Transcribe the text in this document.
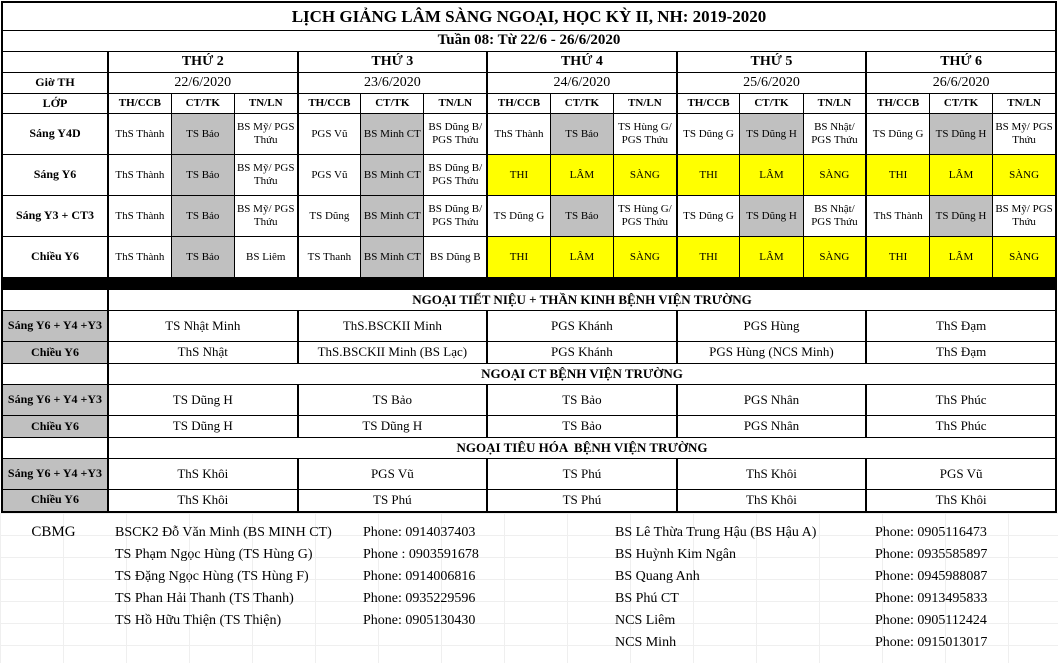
LỊCH GIẢNG LÂM SÀNG NGOẠI, HỌC KỲ II, NH: 2019-2020															
Tuần 08: Từ 22/6 - 26/6/2020															
	THỨ 2			THỨ 3			THỨ 4			THỨ 5			THỨ 6		
Giờ TH	22/6/2020			23/6/2020			24/6/2020			25/6/2020			26/6/2020		
LỚP	TH/CCB	CT/TK	TN/LN	TH/CCB	CT/TK	TN/LN	TH/CCB	CT/TK	TN/LN	TH/CCB	CT/TK	TN/LN	TH/CCB	CT/TK	TN/LN
Sáng Y4D	ThS Thành	TS Bảo	BS Mỹ/ PGS Thứu	PGS Vũ	BS Minh CT	BS Dũng B/ PGS Thứu	ThS Thành	TS Bảo	TS Hùng G/ PGS Thứu	TS Dũng G	TS Dũng H	BS Nhật/ PGS Thứu	TS Dũng G	TS Dũng H	BS Mỹ/ PGS Thứu
Sáng Y6	ThS Thành	TS Bảo	BS Mỹ/ PGS Thứu	PGS Vũ	BS Minh CT	BS Dũng B/ PGS Thứu	THI	LÂM	SÀNG	THI	LÂM	SÀNG	THI	LÂM	SÀNG
Sáng Y3 + CT3	ThS Thành	TS Bảo	BS Mỹ/ PGS Thứu	TS Dũng	BS Minh CT	BS Dũng B/ PGS Thứu	TS Dũng G	TS Bảo	TS Hùng G/ PGS Thứu	TS Dũng G	TS Dũng H	BS Nhật/ PGS Thứu	ThS Thành	TS Dũng H	BS Mỹ/ PGS Thứu
Chiều Y6	ThS Thành	TS Bảo	BS Liêm	TS Thanh	BS Minh CT	BS Dũng B	THI	LÂM	SÀNG	THI	LÂM	SÀNG	THI	LÂM	SÀNG

	NGOẠI TIẾT NIỆU + THẦN KINH BỆNH VIỆN TRƯỜNG														
Sáng Y6 + Y4 +Y3	TS Nhật Minh			ThS.BSCKII Minh			PGS Khánh			PGS Hùng			ThS Đạm		
Chiều Y6	ThS Nhật			ThS.BSCKII Minh (BS Lạc)			PGS Khánh			PGS Hùng (NCS Minh)			ThS Đạm		
	NGOẠI CT BỆNH VIỆN TRƯỜNG														
Sáng Y6 + Y4 +Y3	TS Dũng H			TS Bảo			TS Bảo			PGS Nhân			ThS Phúc		
Chiều Y6	TS Dũng H			TS Dũng H			TS Bảo			PGS Nhân			ThS Phúc		
	NGOẠI TIÊU HÓA  BỆNH VIỆN TRƯỜNG														
Sáng Y6 + Y4 +Y3	ThS Khôi			PGS Vũ			TS Phú			ThS Khôi			PGS Vũ		
Chiều Y6	ThS Khôi			TS Phú			TS Phú			ThS Khôi			ThS Khôi		
CBMG	BSCK2 Đỗ Văn Minh (BS MINH CT)	Phone: 0914037403	BS Lê Thừa Trung Hậu (BS Hậu A)	Phone: 0905116473
TS Phạm Ngọc Hùng (TS Hùng G)	Phone : 0903591678	BS Huỳnh Kim Ngân	Phone: 0935585897
TS Đặng Ngọc Hùng (TS Hùng F)	Phone: 0914006816	BS Quang Anh	Phone: 0945988087
TS Phan Hải Thanh (TS Thanh)	Phone: 0935229596	BS Phú CT	Phone: 0913495833
TS Hồ Hữu Thiện (TS Thiện)	Phone: 0905130430	NCS Liêm	Phone: 0905112424
NCS Minh	Phone: 0915013017
